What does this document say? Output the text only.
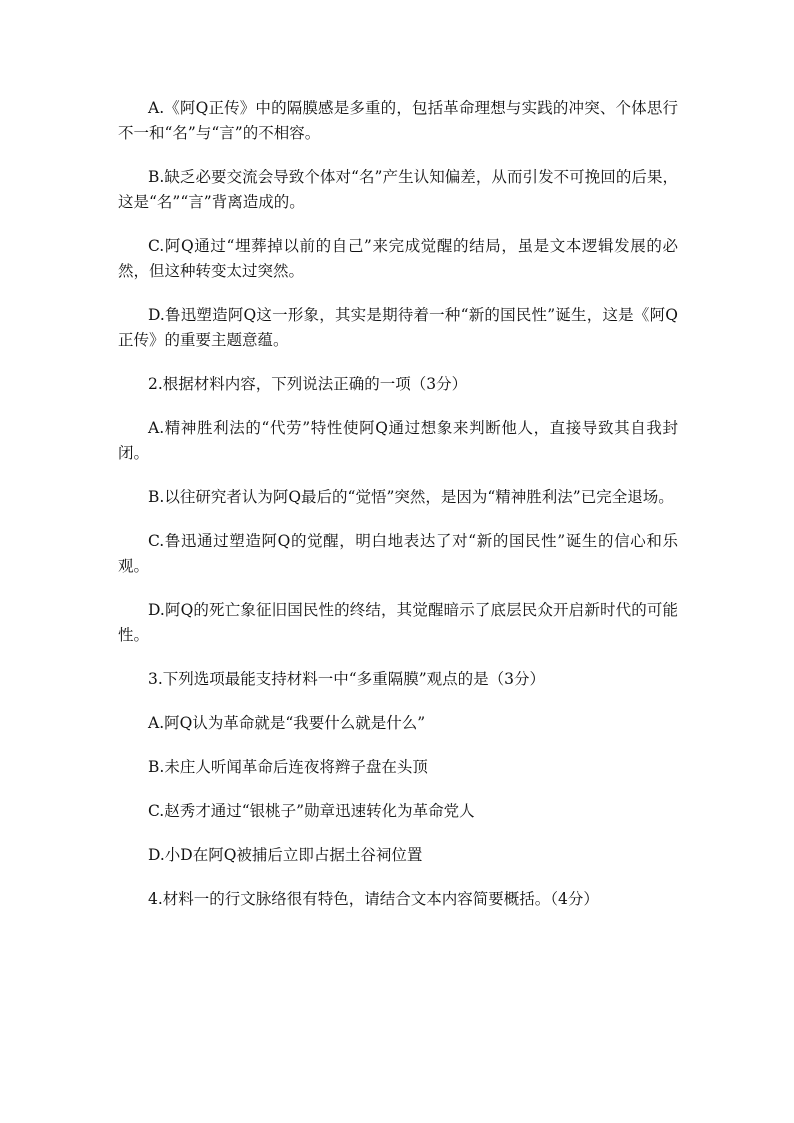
A.《阿Q正传》中的隔膜感是多重的，包括革命理想与实践的冲突、个体思行不一和“名”与“言”的不相容。

B.缺乏必要交流会导致个体对“名”产生认知偏差，从而引发不可挽回的后果，这是“名”“言”背离造成的。

C.阿Q通过“埋葬掉以前的自己”来完成觉醒的结局，虽是文本逻辑发展的必然，但这种转变太过突然。

D.鲁迅塑造阿Q这一形象，其实是期待着一种“新的国民性”诞生，这是《阿Q正传》的重要主题意蕴。

2.根据材料内容，下列说法正确的一项（3分）

A.精神胜利法的“代劳”特性使阿Q通过想象来判断他人，直接导致其自我封闭。

B.以往研究者认为阿Q最后的“觉悟”突然，是因为“精神胜利法”已完全退场。

C.鲁迅通过塑造阿Q的觉醒，明白地表达了对“新的国民性”诞生的信心和乐观。

D.阿Q的死亡象征旧国民性的终结，其觉醒暗示了底层民众开启新时代的可能性。

3.下列选项最能支持材料一中“多重隔膜”观点的是（3分）

A.阿Q认为革命就是“我要什么就是什么”

B.未庄人听闻革命后连夜将辫子盘在头顶

C.赵秀才通过“银桃子”勋章迅速转化为革命党人

D.小D在阿Q被捕后立即占据土谷祠位置

4.材料一的行文脉络很有特色，请结合文本内容简要概括。（4分）
